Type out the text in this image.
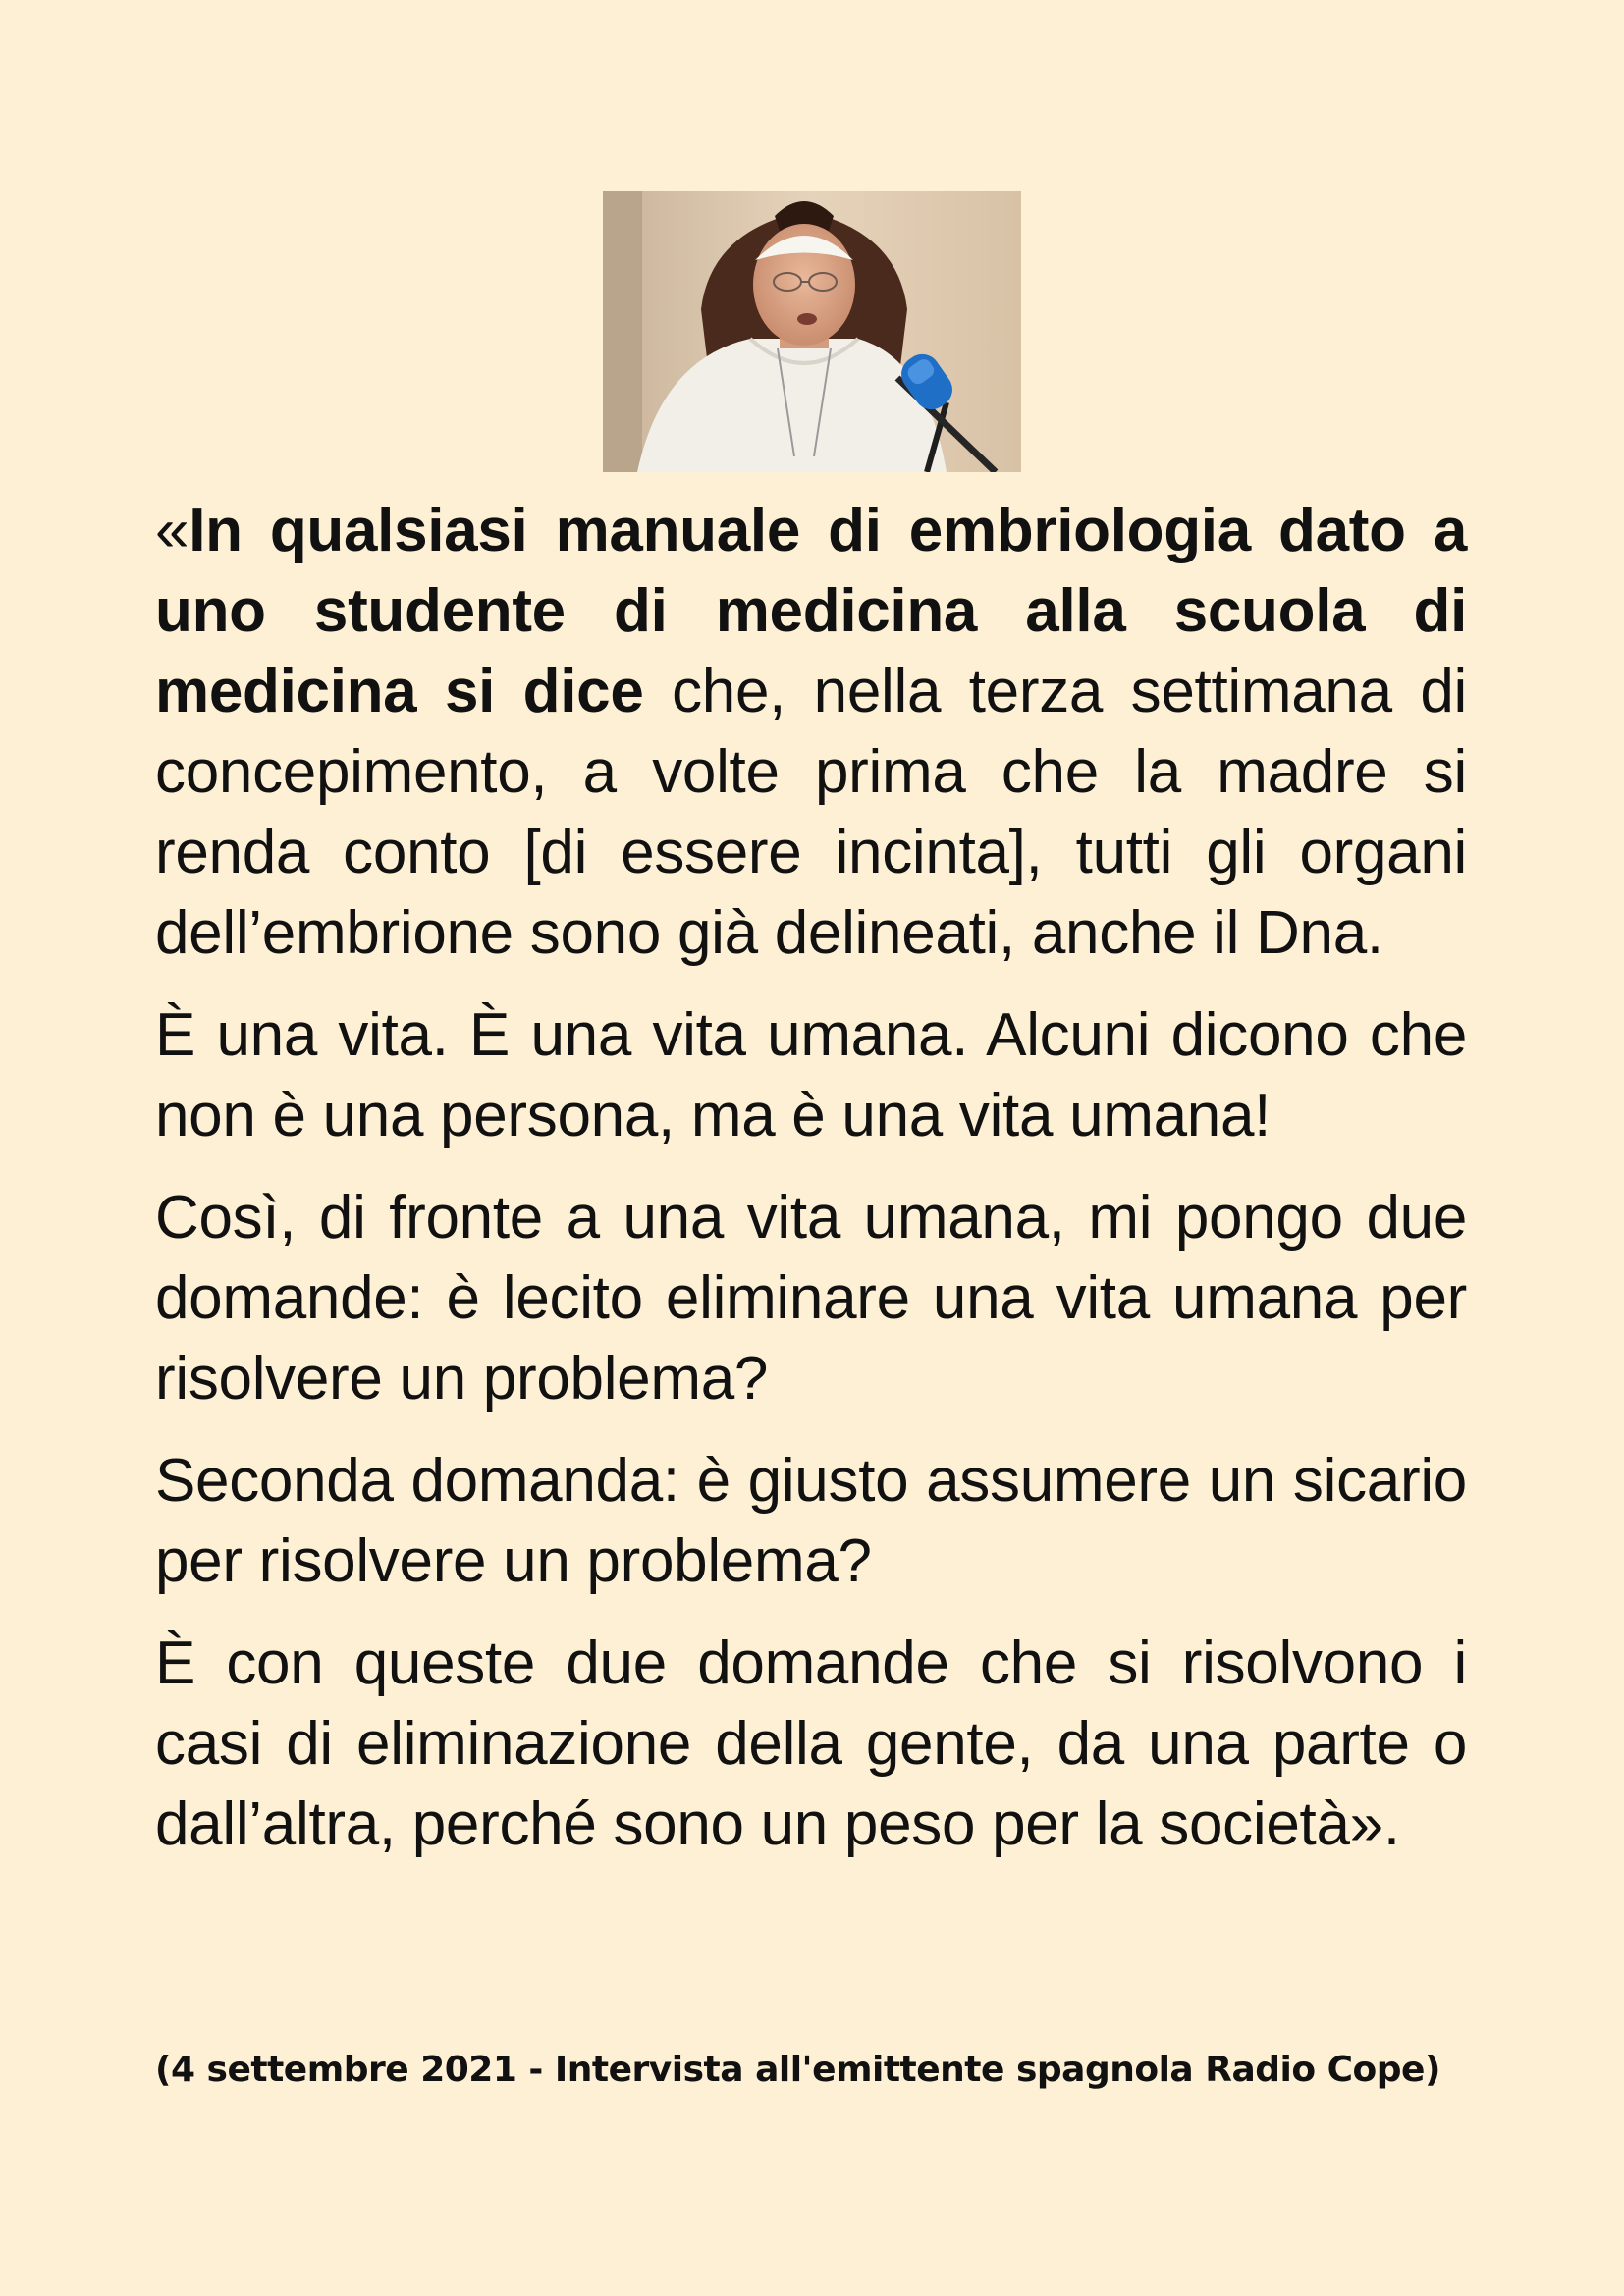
«In qualsiasi manuale di embriologia dato a uno studente di medicina alla scuola di medicina si dice che, nella terza settimana di concepimento, a volte prima che la madre si renda conto [di essere incinta], tutti gli organi dell’embrione sono già delineati, anche il Dna.

È una vita. È una vita umana. Alcuni dicono che non è una persona, ma è una vita umana!

Così, di fronte a una vita umana, mi pongo due domande: è lecito eliminare una vita umana per risolvere un problema?

Seconda domanda: è giusto assumere un sicario per risolvere un problema?

È con queste due domande che si risolvono i casi di eliminazione della gente, da una parte o dall’altra, perché sono un peso per la società».

(4 settembre 2021 - Intervista all'emittente spagnola Radio Cope)
